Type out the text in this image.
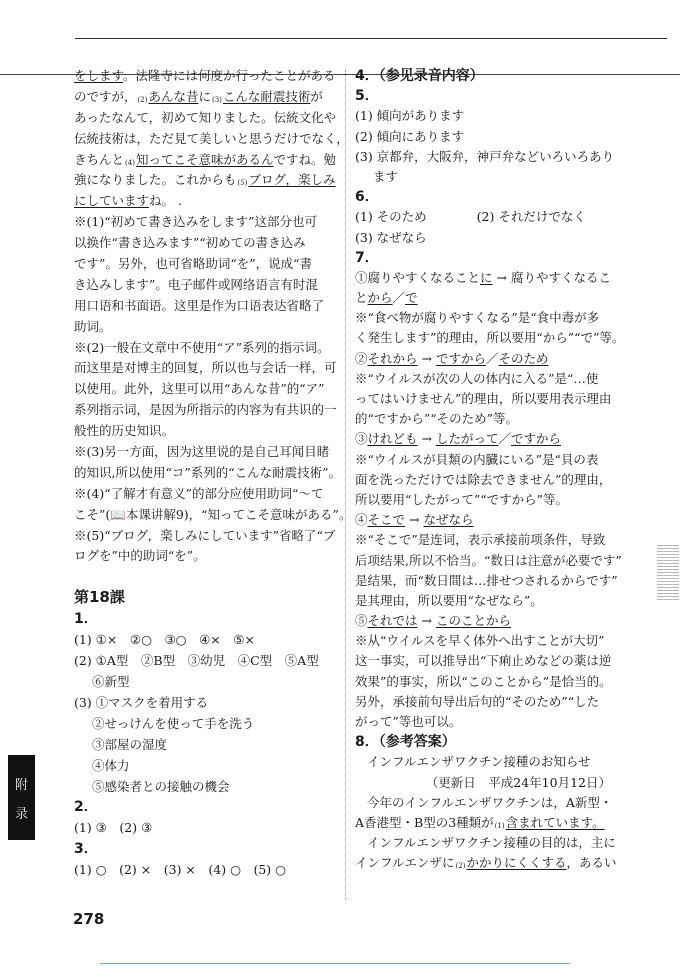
をします。法隆寺には何度か行ったことがある
のですが，(2)あんな昔に(3)こんな耐震技術が
あったなんて，初めて知りました。伝統文化や
伝統技術は，ただ見て美しいと思うだけでなく，
きちんと(4)知ってこそ意味があるんですね。勉
強になりました。これからも(5)ブログ，楽しみ
にしていますね。 .
※(1)“初めて書き込みをします”这部分也可
以换作“書き込みます”“初めての書き込み
です”。另外，也可省略助词“を”，说成“書
き込みします”。电子邮件或网络语言有时混
用口语和书面语。这里是作为口语表达省略了
助词。
※(2)一般在文章中不使用“ア”系列的指示词。
而这里是对博主的回复，所以也与会话一样，可
以使用。此外，这里可以用“あんな昔”的“ア”
系列指示词，是因为所指示的内容为有共识的一
般性的历史知识。
※(3)另一方面，因为这里说的是自己耳闻目睹
的知识,所以使用“コ”系列的“こんな耐震技術”。
※(4)“了解才有意义”的部分应使用助词“～て
こそ”(📖本课讲解9)，“知ってこそ意味がある”。
※(5)“ブログ，楽しみにしています”省略了“ブ
ログを”中的助词“を”。
第18課
1．
(1) ①×　②○　③○　④×　⑤×
(2) ①A型　②B型　③幼児　④C型　⑤A型
⑥新型
(3) ①マスクを着用する
②せっけんを使って手を洗う
③部屋の湿度
④体力
⑤感染者との接触の機会
2．
(1) ③　(2) ③
3．
(1) ○　(2) ×　(3) ×　(4) ○　(5) ○
4．（参见录音内容）
5．
(1) 傾向があります
(2) 傾向にあります
(3) 京都弁，大阪弁，神戸弁などいろいろあり
ます
6．
(1) そのため　　　　(2) それだけでなく
(3) なぜなら
7．
①腐りやすくなることに → 腐りやすくなるこ
とから／で
※“食べ物が腐りやすくなる”是“食中毒が多
く発生します”的理由，所以要用“から”“で”等。
②それから → ですから／そのため
※“ウイルスが次の人の体内に入る”是“…使
ってはいけません”的理由，所以要用表示理由
的“ですから”“そのため”等。
③けれども → したがって／ですから
※“ウイルスが貝類の内臓にいる”是“貝の表
面を洗っただけでは除去できません”的理由，
所以要用“したがって”“ですから”等。
④そこで → なぜなら
※“そこで”是连词，表示承接前项条件，导致
后项结果,所以不恰当。“数日は注意が必要です”
是结果，而“数日間は…排せつされるからです”
是其理由，所以要用“なぜなら”。
⑤それでは → このことから
※从“ウイルスを早く体外へ出すことが大切”
这一事实，可以推导出“下痢止めなどの薬は逆
效果”的事实，所以“このことから”是恰当的。
另外，承接前句导出后句的“そのため”“した
がって”等也可以。
8．（参考答案）
インフルエンザワクチン接種のお知らせ
（更新日　平成24年10月12日）
今年のインフルエンザワクチンは，A新型・
A香港型・B型の3種類が(1)含まれています。
インフルエンザワクチン接種の目的は，主に
インフルエンザに(2)かかりにくくする，あるい
附
录
278
